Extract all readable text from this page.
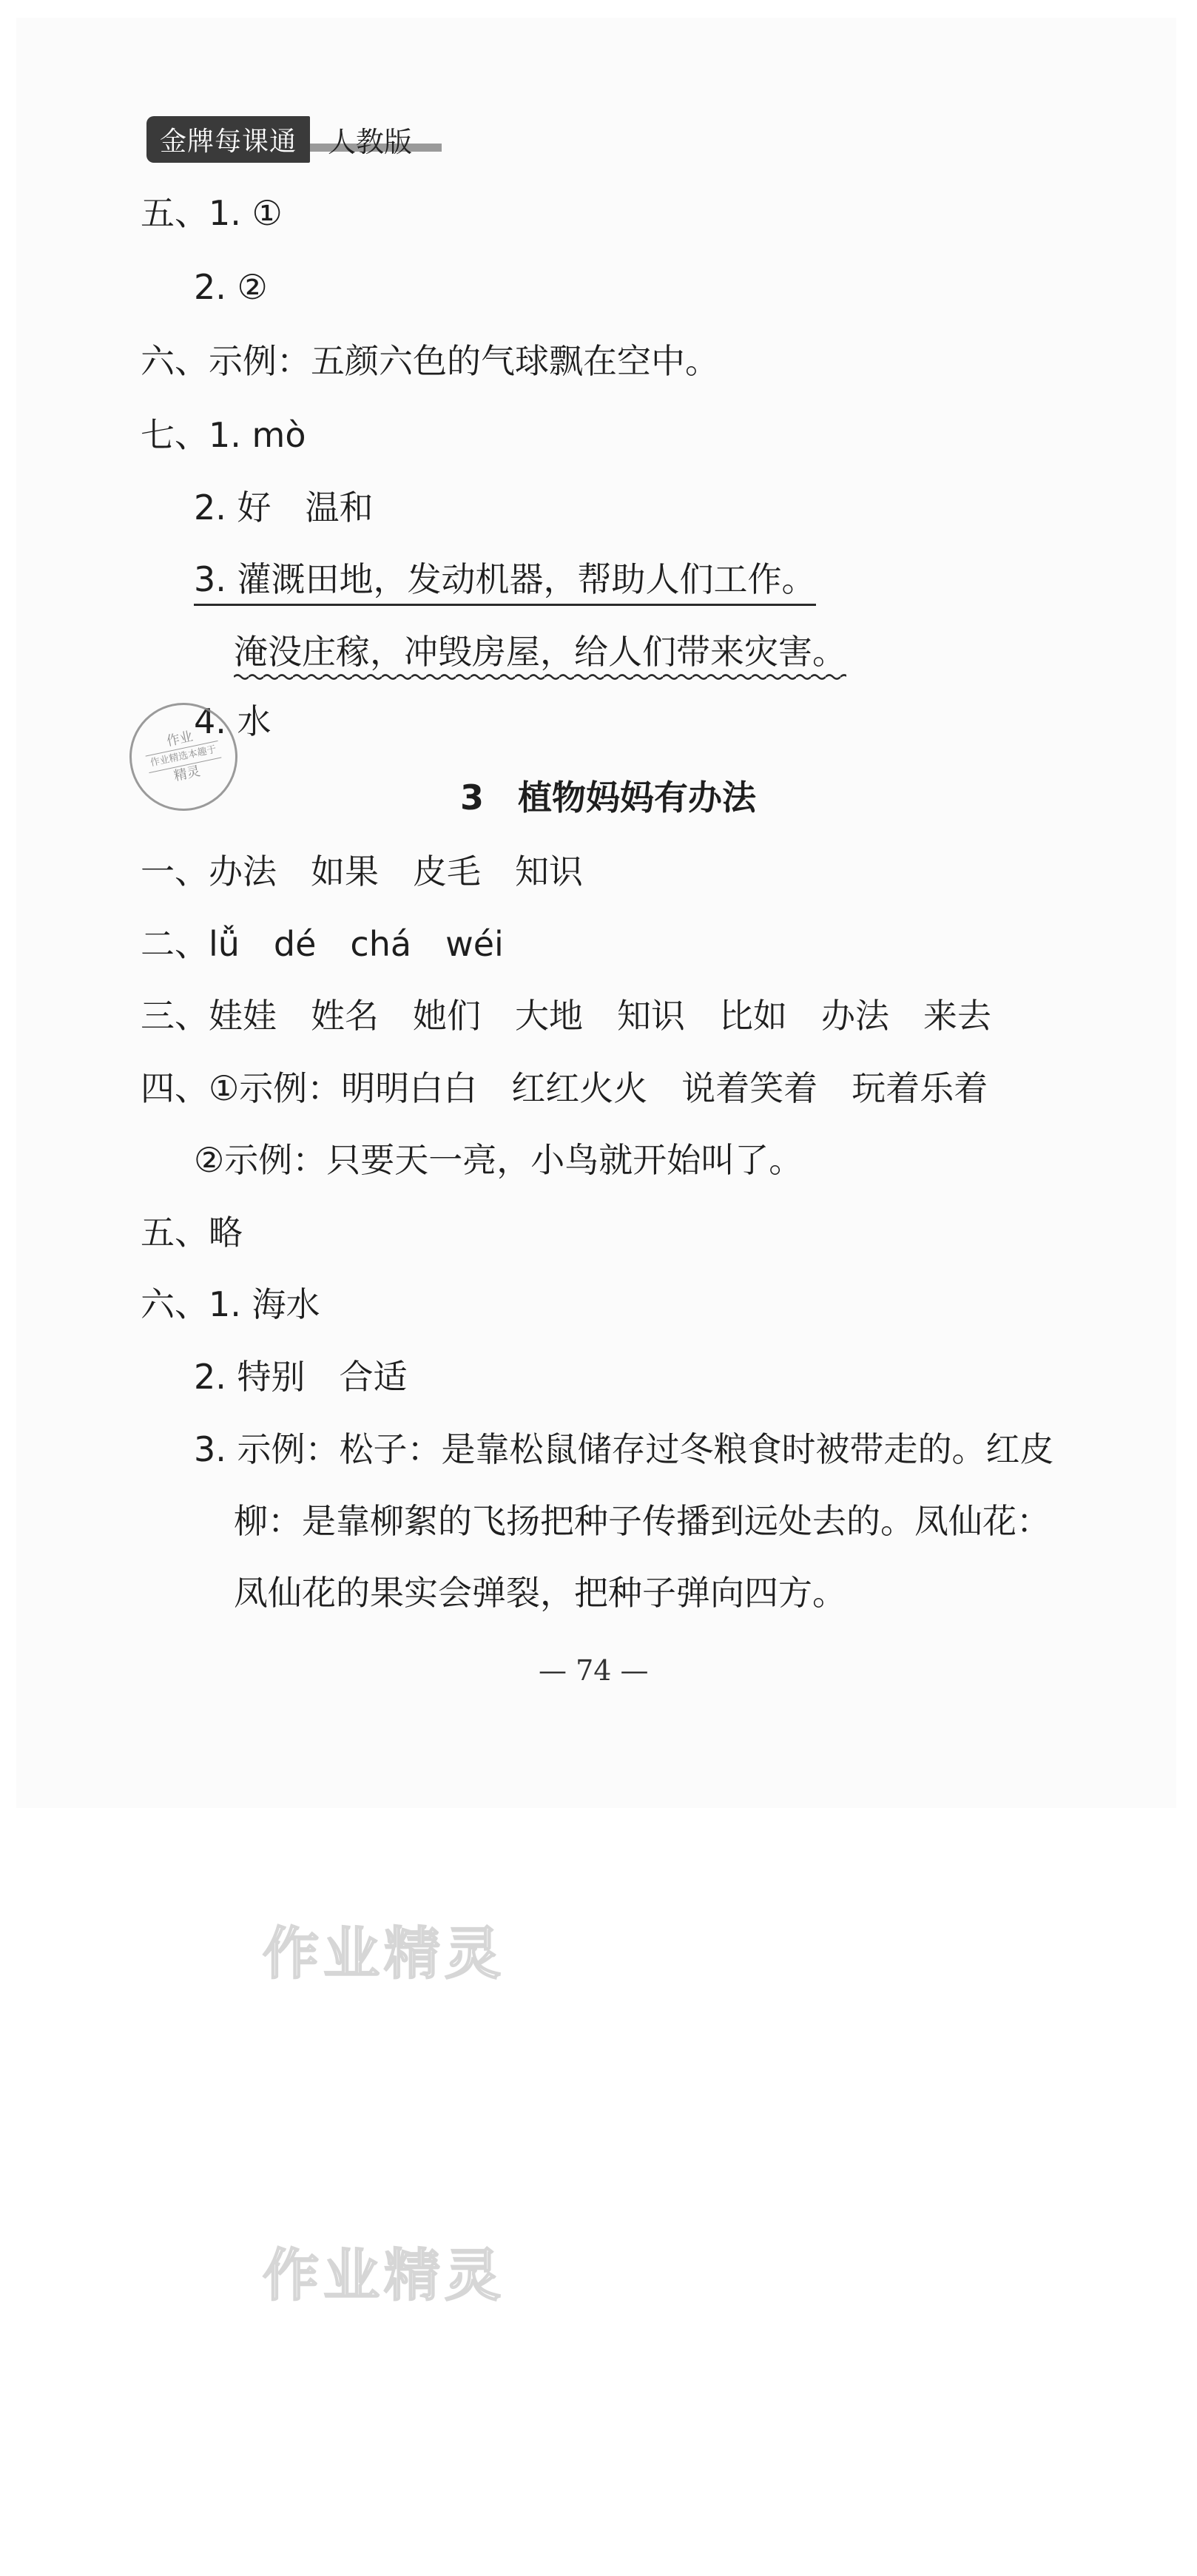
金牌每课通	人教版
五、1. ①
2. ②
六、示例：五颜六色的气球飘在空中。
七、1. mò
2. 好　温和
3. 灌溉田地，发动机器，帮助人们工作。
淹没庄稼，冲毁房屋，给人们带来灾害。
4. 水
作业
作业精选本趣于
精灵
3　植物妈妈有办法
一、办法　如果　皮毛　知识
二、lǚ　dé　chá　wéi
三、娃娃　姓名　她们　大地　知识　比如　办法　来去
四、①示例：明明白白　红红火火　说着笑着　玩着乐着
②示例：只要天一亮，小鸟就开始叫了。
五、略
六、1. 海水
2. 特别　合适
3. 示例：松子：是靠松鼠储存过冬粮食时被带走的。红皮
柳：是靠柳絮的飞扬把种子传播到远处去的。凤仙花：
凤仙花的果实会弹裂，把种子弹向四方。
— 74 —
作业精灵
作业精灵
